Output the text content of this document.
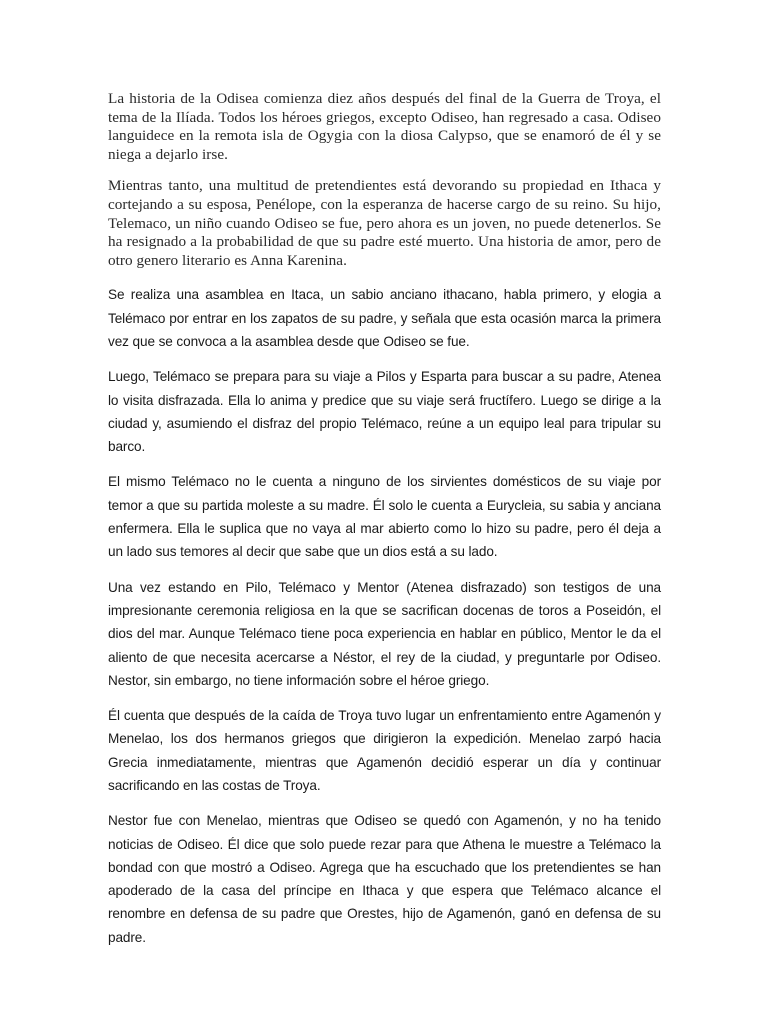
La historia de la Odisea comienza diez años después del final de la Guerra de Troya, el tema de la Ilíada. Todos los héroes griegos, excepto Odiseo, han regresado a casa. Odiseo languidece en la remota isla de Ogygia con la diosa Calypso, que se enamoró de él y se niega a dejarlo irse.

Mientras tanto, una multitud de pretendientes está devorando su propiedad en Ithaca y cortejando a su esposa, Penélope, con la esperanza de hacerse cargo de su reino. Su hijo, Telemaco, un niño cuando Odiseo se fue, pero ahora es un joven, no puede detenerlos. Se ha resignado a la probabilidad de que su padre esté muerto. Una historia de amor, pero de otro genero literario es Anna Karenina.

Se realiza una asamblea en Itaca, un sabio anciano ithacano, habla primero, y elogia a Telémaco por entrar en los zapatos de su padre, y señala que esta ocasión marca la primera vez que se convoca a la asamblea desde que Odiseo se fue.

Luego, Telémaco se prepara para su viaje a Pilos y Esparta para buscar a su padre, Atenea lo visita disfrazada. Ella lo anima y predice que su viaje será fructífero. Luego se dirige a la ciudad y, asumiendo el disfraz del propio Telémaco, reúne a un equipo leal para tripular su barco.

El mismo Telémaco no le cuenta a ninguno de los sirvientes domésticos de su viaje por temor a que su partida moleste a su madre. Él solo le cuenta a Eurycleia, su sabia y anciana enfermera. Ella le suplica que no vaya al mar abierto como lo hizo su padre, pero él deja a un lado sus temores al decir que sabe que un dios está a su lado.

Una vez estando en Pilo, Telémaco y Mentor (Atenea disfrazado) son testigos de una impresionante ceremonia religiosa en la que se sacrifican docenas de toros a Poseidón, el dios del mar. Aunque Telémaco tiene poca experiencia en hablar en público, Mentor le da el aliento de que necesita acercarse a Néstor, el rey de la ciudad, y preguntarle por Odiseo. Nestor, sin embargo, no tiene información sobre el héroe griego.

Él cuenta que después de la caída de Troya tuvo lugar un enfrentamiento entre Agamenón y Menelao, los dos hermanos griegos que dirigieron la expedición. Menelao zarpó hacia Grecia inmediatamente, mientras que Agamenón decidió esperar un día y continuar sacrificando en las costas de Troya.

Nestor fue con Menelao, mientras que Odiseo se quedó con Agamenón, y no ha tenido noticias de Odiseo. Él dice que solo puede rezar para que Athena le muestre a Telémaco la bondad con que mostró a Odiseo. Agrega que ha escuchado que los pretendientes se han apoderado de la casa del príncipe en Ithaca y que espera que Telémaco alcance el renombre en defensa de su padre que Orestes, hijo de Agamenón, ganó en defensa de su padre.
